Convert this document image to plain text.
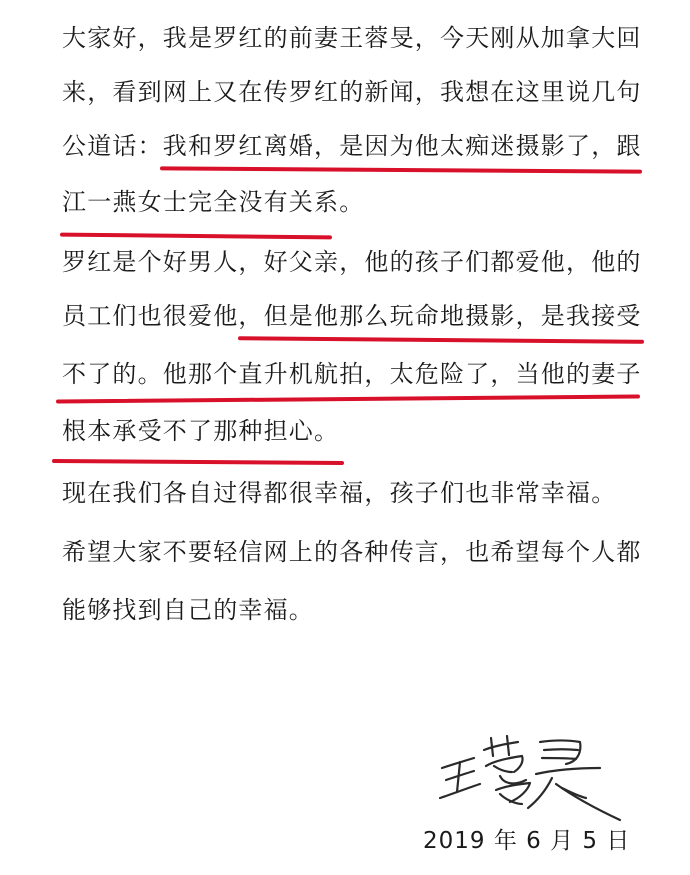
大家好，我是罗红的前妻王蓉旻，今天刚从加拿大回
来，看到网上又在传罗红的新闻，我想在这里说几句
公道话：我和罗红离婚，是因为他太痴迷摄影了，跟
江一燕女士完全没有关系。
罗红是个好男人，好父亲，他的孩子们都爱他，他的
员工们也很爱他，但是他那么玩命地摄影，是我接受
不了的。他那个直升机航拍，太危险了，当他的妻子
根本承受不了那种担心。
现在我们各自过得都很幸福，孩子们也非常幸福。
希望大家不要轻信网上的各种传言，也希望每个人都
能够找到自己的幸福。
王蓉旻
2019 年 6 月 5 日
